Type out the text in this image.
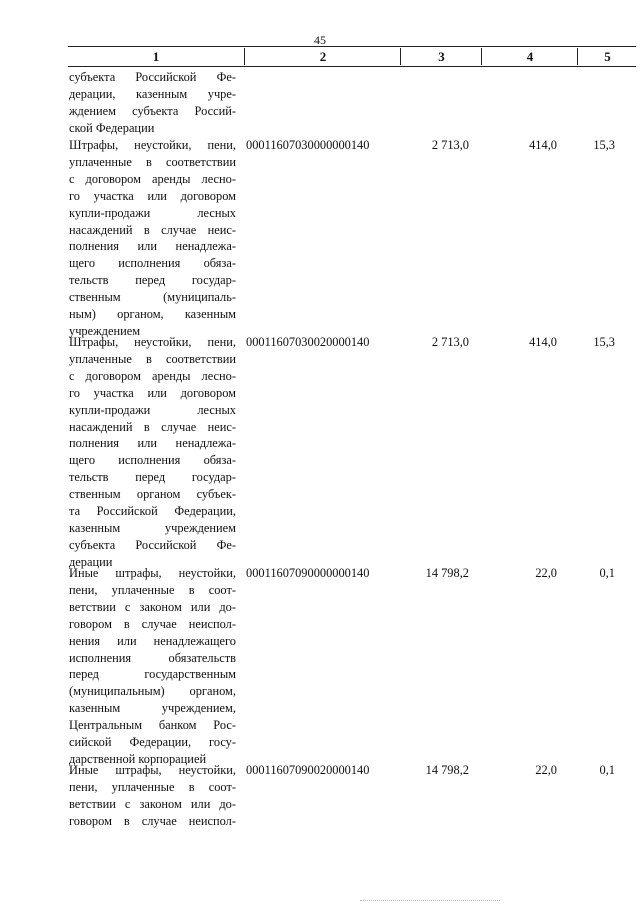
45
1	2	3	4	5
субъекта Российской Фе-
дерации, казенным учре-
ждением субъекта Россий-
ской Федерации
Штрафы, неустойки, пени,
уплаченные в соответствии
с договором аренды лесно-
го участка или договором
купли-продажи лесных
насаждений в случае неис-
полнения или ненадлежа-
щего исполнения обяза-
тельств перед государ-
ственным (муниципаль-
ным) органом, казенным
учреждением
00011607030000000140	2 713,0	414,0	15,3
Штрафы, неустойки, пени,
уплаченные в соответствии
с договором аренды лесно-
го участка или договором
купли-продажи лесных
насаждений в случае неис-
полнения или ненадлежа-
щего исполнения обяза-
тельств перед государ-
ственным органом субъек-
та Российской Федерации,
казенным учреждением
субъекта Российской Фе-
дерации
00011607030020000140	2 713,0	414,0	15,3
Иные штрафы, неустойки,
пени, уплаченные в соот-
ветствии с законом или до-
говором в случае неиспол-
нения или ненадлежащего
исполнения обязательств
перед государственным
(муниципальным) органом,
казенным учреждением,
Центральным банком Рос-
сийской Федерации, госу-
дарственной корпорацией
00011607090000000140	14 798,2	22,0	0,1
Иные штрафы, неустойки,
пени, уплаченные в соот-
ветствии с законом или до-
говором в случае неиспол-
00011607090020000140	14 798,2	22,0	0,1
